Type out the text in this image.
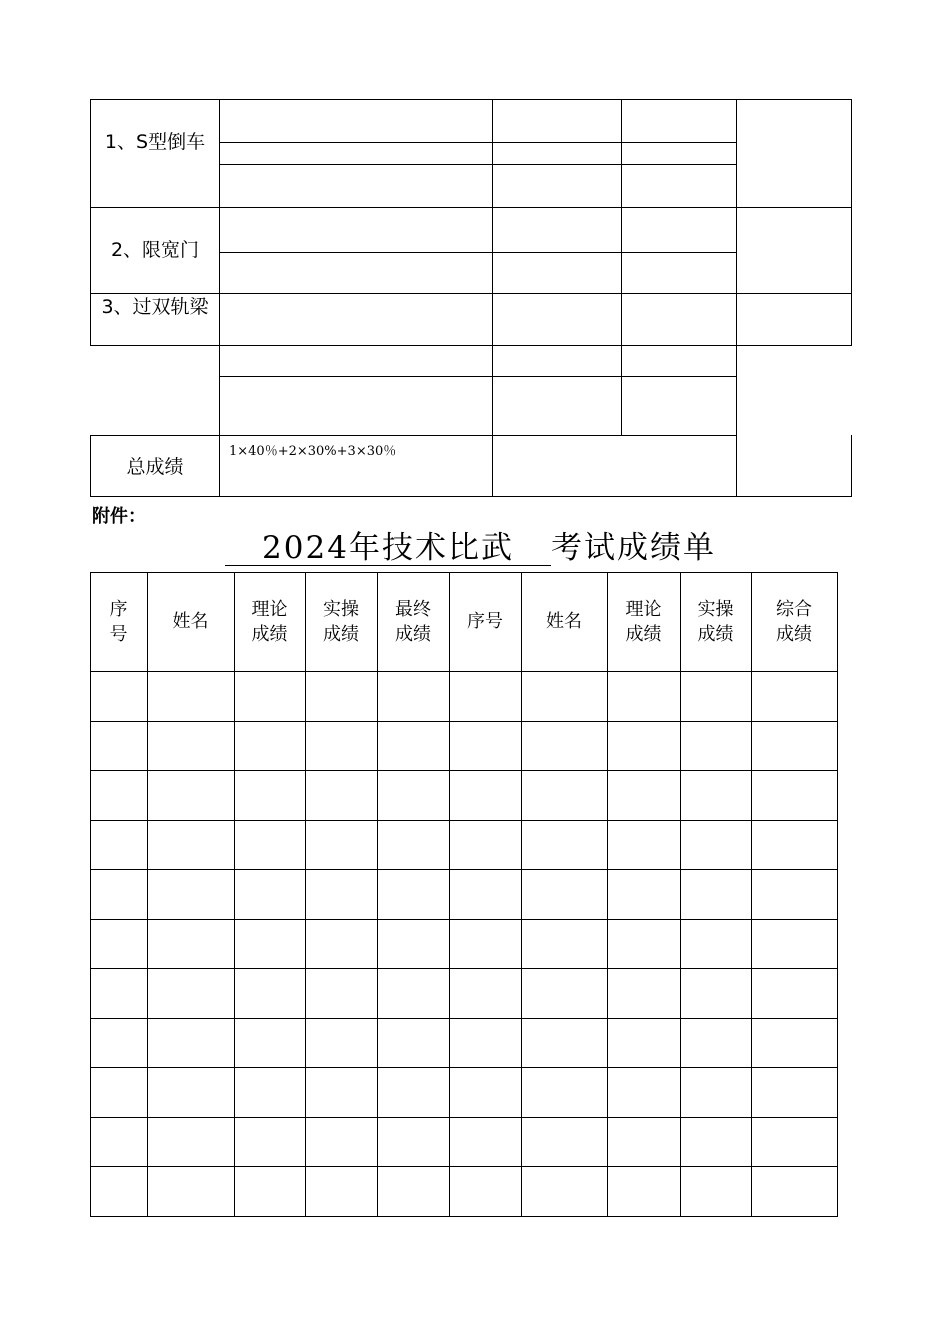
1、S型倒车
2、限宽门
3、过双轨梁
总成绩
1×40％+2×30%+3×30％
附件：
2024年技术比武	考试成绩单
序
号
姓名
理论
成绩
实操
成绩
最终
成绩
序号	姓名
理论
成绩
实操
成绩
综合
成绩
